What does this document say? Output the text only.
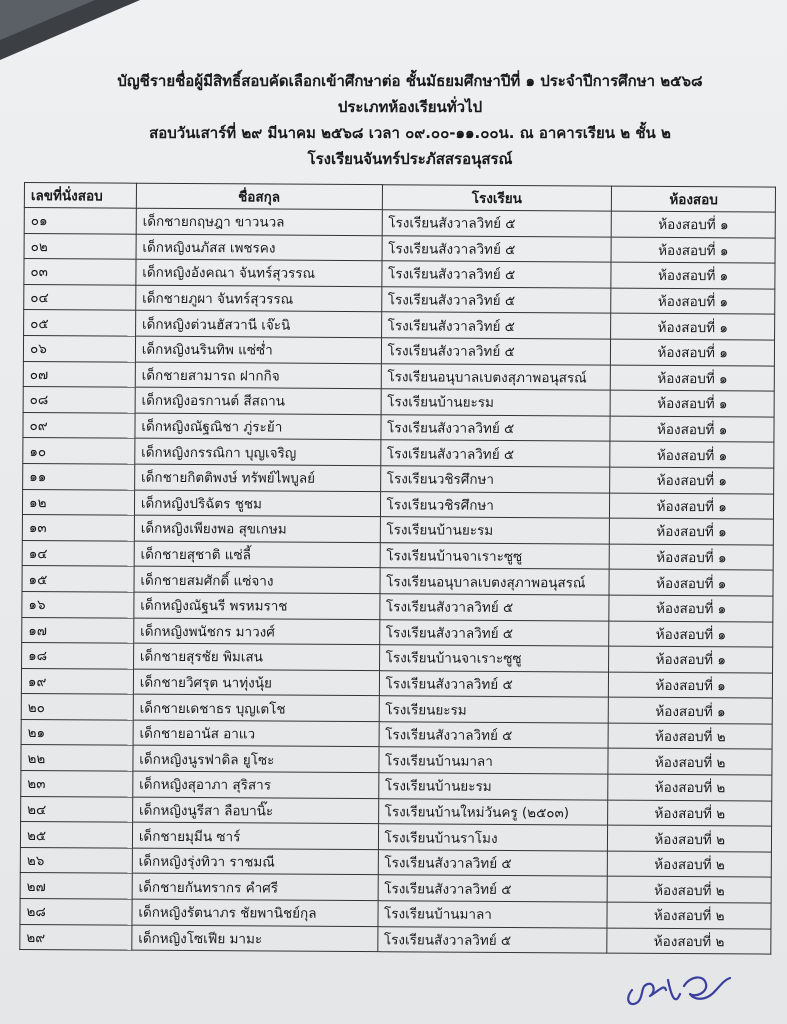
บัญชีรายชื่อผู้มีสิทธิ์สอบคัดเลือกเข้าศึกษาต่อ ชั้นมัธยมศึกษาปีที่ ๑ ประจำปีการศึกษา ๒๕๖๘
ประเภทห้องเรียนทั่วไป
สอบวันเสาร์ที่ ๒๙ มีนาคม ๒๕๖๘ เวลา ๐๙.๐๐-๑๑.๐๐น. ณ อาคารเรียน ๒ ชั้น ๒
โรงเรียนจันทร์ประภัสสรอนุสรณ์
เลขที่นั่งสอบ	ชื่อสกุล	โรงเรียน	ห้องสอบ
๐๑	เด็กชายกฤษฎา ขาวนวล	โรงเรียนสังวาลวิทย์ ๕	ห้องสอบที่ ๑
๐๒	เด็กหญิงนภัสส เพชรคง	โรงเรียนสังวาลวิทย์ ๕	ห้องสอบที่ ๑
๐๓	เด็กหญิงอังคณา จันทร์สุวรรณ	โรงเรียนสังวาลวิทย์ ๕	ห้องสอบที่ ๑
๐๔	เด็กชายภูผา จันทร์สุวรรณ	โรงเรียนสังวาลวิทย์ ๕	ห้องสอบที่ ๑
๐๕	เด็กหญิงต่วนฮัสวานี เจ๊ะนิ	โรงเรียนสังวาลวิทย์ ๕	ห้องสอบที่ ๑
๐๖	เด็กหญิงนรินทิพ แซ่ซ่ำ	โรงเรียนสังวาลวิทย์ ๕	ห้องสอบที่ ๑
๐๗	เด็กชายสามารถ ฝากกิจ	โรงเรียนอนุบาลเบตงสุภาพอนุสรณ์	ห้องสอบที่ ๑
๐๘	เด็กหญิงอรกานต์ สีสถาน	โรงเรียนบ้านยะรม	ห้องสอบที่ ๑
๐๙	เด็กหญิงณัฐณิชา ภู่ระย้า	โรงเรียนสังวาลวิทย์ ๕	ห้องสอบที่ ๑
๑๐	เด็กหญิงกรรณิกา บุญเจริญ	โรงเรียนสังวาลวิทย์ ๕	ห้องสอบที่ ๑
๑๑	เด็กชายกิตติพงษ์ ทรัพย์ไพบูลย์	โรงเรียนวชิรศึกษา	ห้องสอบที่ ๑
๑๒	เด็กหญิงปริฉัตร ชูชม	โรงเรียนวชิรศึกษา	ห้องสอบที่ ๑
๑๓	เด็กหญิงเพียงพอ สุขเกษม	โรงเรียนบ้านยะรม	ห้องสอบที่ ๑
๑๔	เด็กชายสุชาติ แซ่ลี้	โรงเรียนบ้านจาเราะซูซู	ห้องสอบที่ ๑
๑๕	เด็กชายสมศักดิ์ แซ่จาง	โรงเรียนอนุบาลเบตงสุภาพอนุสรณ์	ห้องสอบที่ ๑
๑๖	เด็กหญิงณัฐนรี พรหมราช	โรงเรียนสังวาลวิทย์ ๕	ห้องสอบที่ ๑
๑๗	เด็กหญิงพนัชกร มาวงศ์	โรงเรียนสังวาลวิทย์ ๕	ห้องสอบที่ ๑
๑๘	เด็กชายสุรชัย พิมเสน	โรงเรียนบ้านจาเราะซูซู	ห้องสอบที่ ๑
๑๙	เด็กชายวิศรุต นาทุ่งนุ้ย	โรงเรียนสังวาลวิทย์ ๕	ห้องสอบที่ ๑
๒๐	เด็กชายเดชาธร บุญเตโช	โรงเรียนยะรม	ห้องสอบที่ ๑
๒๑	เด็กชายอานัส อาแว	โรงเรียนสังวาลวิทย์ ๕	ห้องสอบที่ ๒
๒๒	เด็กหญิงนูรฟาดิล ยูโซะ	โรงเรียนบ้านมาลา	ห้องสอบที่ ๒
๒๓	เด็กหญิงสุอาภา สุริสาร	โรงเรียนบ้านยะรม	ห้องสอบที่ ๒
๒๔	เด็กหญิงนูรีสา ลือบานิ๊ะ	โรงเรียนบ้านใหม่วันครู (๒๕๐๓)	ห้องสอบที่ ๒
๒๕	เด็กชายมุมีน ซาร์	โรงเรียนบ้านราโมง	ห้องสอบที่ ๒
๒๖	เด็กหญิงรุ่งทิวา ราชมณี	โรงเรียนสังวาลวิทย์ ๕	ห้องสอบที่ ๒
๒๗	เด็กชายกันทรากร คำศรี	โรงเรียนสังวาลวิทย์ ๕	ห้องสอบที่ ๒
๒๘	เด็กหญิงรัตนาภร ชัยพานิชย์กุล	โรงเรียนบ้านมาลา	ห้องสอบที่ ๒
๒๙	เด็กหญิงโซเฟีย มามะ	โรงเรียนสังวาลวิทย์ ๕	ห้องสอบที่ ๒
